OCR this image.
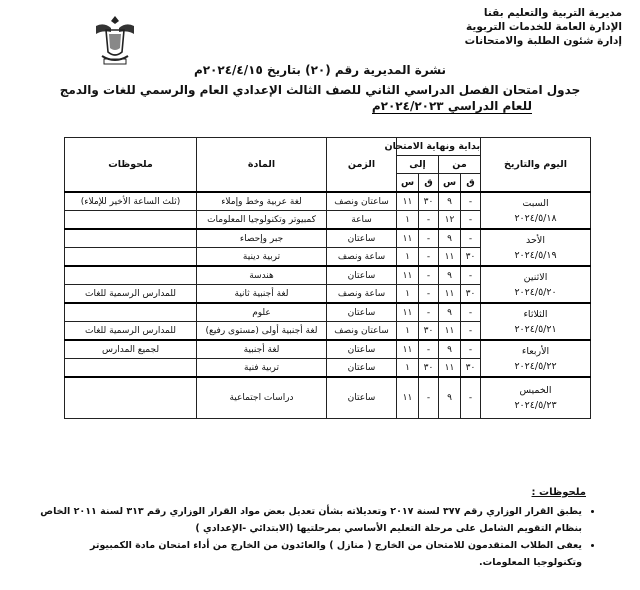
مديرية التربية والتعليم بقنا
الإدارة العامة للخدمات التربوية
إدارة شئون الطلبة والامتحانات
نشرة المديرية رقم (٢٠) بتاريخ ٢٠٢٤/٤/١٥م
جدول امتحان الفصل الدراسي الثاني للصف الثالث الإعدادي العام والرسمي للغات والدمج
للعام الدراسي ٢٠٢٤/٢٠٢٣م
اليوم والتاريخ	بداية ونهاية الامتحان				الزمن	المادة	ملحوظات
	من		إلى				
	ق	س	ق	س			

السبت
٢٠٢٤/٥/١٨	-	٩	٣٠	١١	ساعتان ونصف	لغة عربية وخط وإملاء	(ثلث الساعة الأخير للإملاء)
	-	١٢	-	١	ساعة	كمبيوتر وتكنولوجيا المعلومات	

الأحد
٢٠٢٤/٥/١٩	-	٩	-	١١	ساعتان	جبر وإحصاء	
	٣٠	١١	-	١	ساعة ونصف	تربية دينية	

الاثنين
٢٠٢٤/٥/٢٠	-	٩	-	١١	ساعتان	هندسة	
	٣٠	١١	-	١	ساعة ونصف	لغة أجنبية ثانية	للمدارس الرسمية للغات

الثلاثاء
٢٠٢٤/٥/٢١	-	٩	-	١١	ساعتان	علوم	
	-	١١	٣٠	١	ساعتان ونصف	لغة أجنبية أولى (مستوى رفيع)	للمدارس الرسمية للغات

الأربعاء
٢٠٢٤/٥/٢٢	-	٩	-	١١	ساعتان	لغة أجنبية	لجميع المدارس
	٣٠	١١	٣٠	١	ساعتان	تربية فنية	

الخميس
٢٠٢٤/٥/٢٣	-	٩	-	١١	ساعتان	دراسات اجتماعية	
ملحوظات :
• يطبق القرار الوزاري رقم ٣٧٧ لسنة ٢٠١٧ وتعديلاته بشأن تعديل بعض مواد القرار الوزاري رقم ٣١٣ لسنة ٢٠١١ الخاص بنظام التقويم الشامل على مرحلة التعليم الأساسي بمرحلتيها (الابتدائي -الإعدادي )
• يعفى الطلاب المتقدمون للامتحان من الخارج ( منازل ) والعائدون من الخارج من أداء امتحان مادة الكمبيوتر وتكنولوجيا المعلومات.
